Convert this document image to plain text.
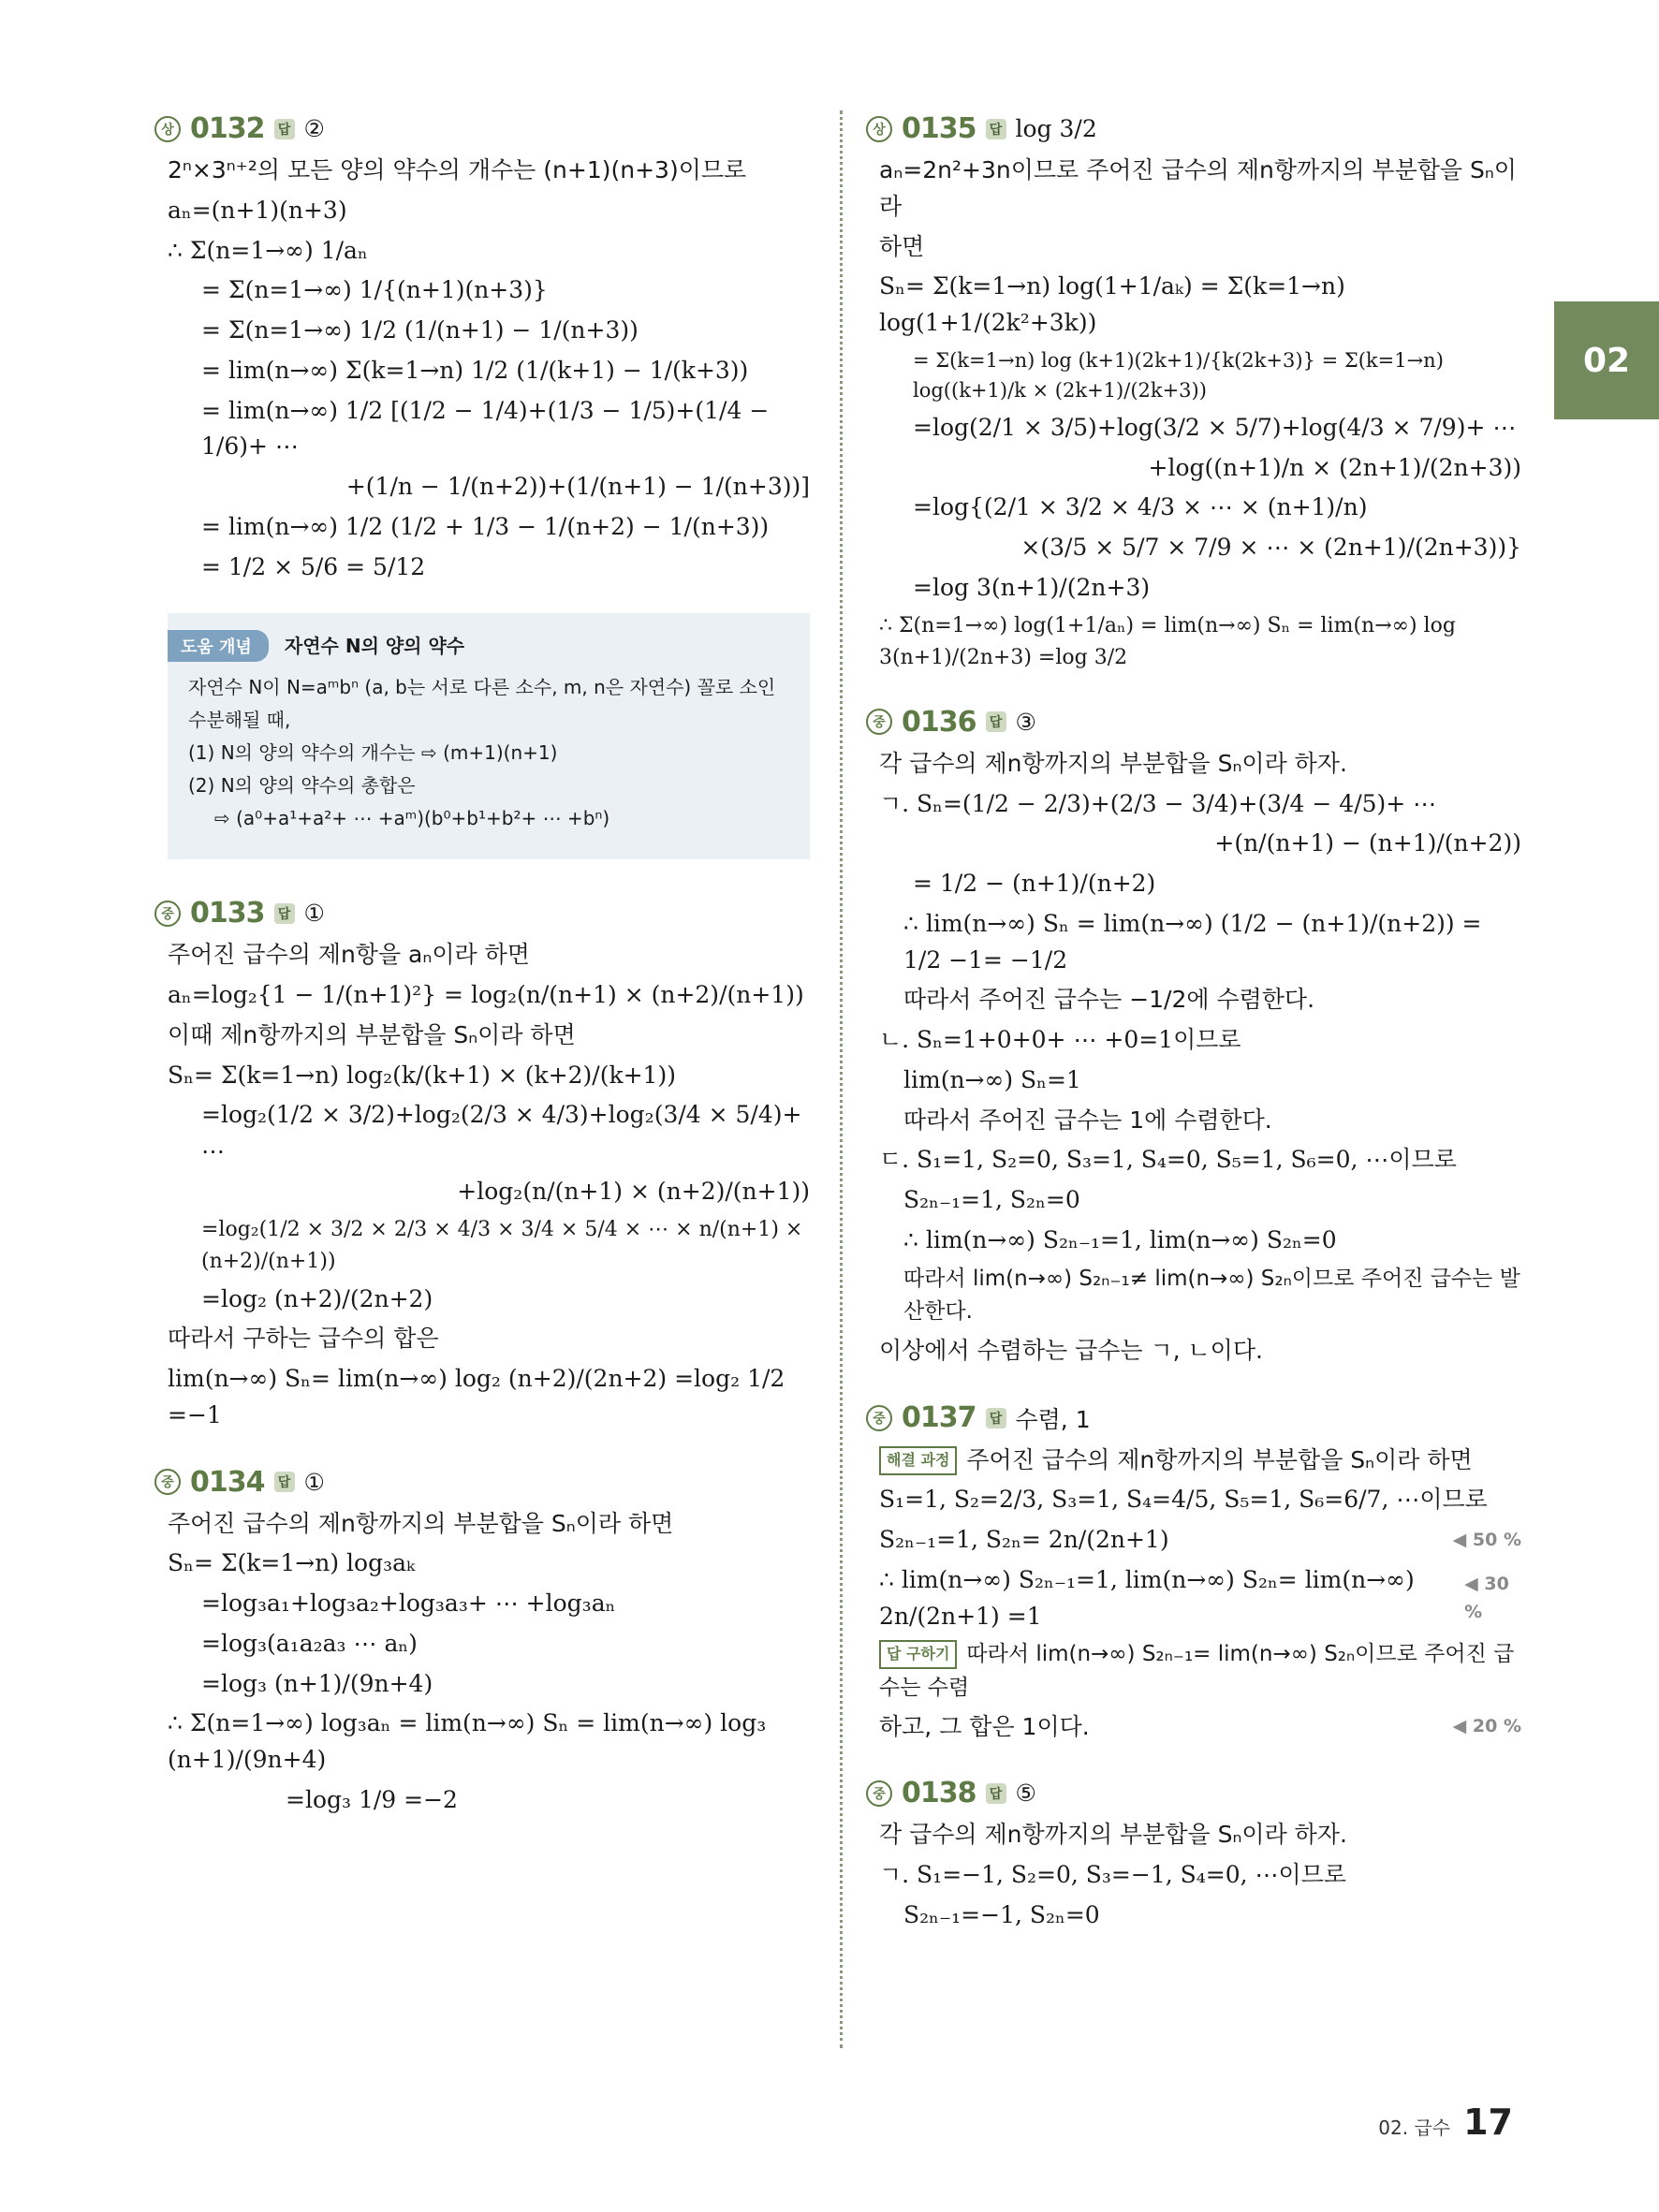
02
상 0132	답 ②
2ⁿ×3ⁿ⁺²의 모든 양의 약수의 개수는 (n+1)(n+3)이므로
aₙ=(n+1)(n+3)
∴ Σ(n=1→∞) 1/aₙ
= Σ(n=1→∞) 1/{(n+1)(n+3)}
= Σ(n=1→∞) 1/2 (1/(n+1) − 1/(n+3))
= lim(n→∞) Σ(k=1→n) 1/2 (1/(k+1) − 1/(k+3))
= lim(n→∞) 1/2 [(1/2 − 1/4)+(1/3 − 1/5)+(1/4 − 1/6)+ ⋯
+(1/n − 1/(n+2))+(1/(n+1) − 1/(n+3))]
= lim(n→∞) 1/2 (1/2 + 1/3 − 1/(n+2) − 1/(n+3))
= 1/2 × 5/6 = 5/12
도움 개념 자연수 N의 양의 약수
자연수 N이 N=aᵐbⁿ (a, b는 서로 다른 소수, m, n은 자연수) 꼴로 소인
수분해될 때,
(1) N의 양의 약수의 개수는 ⇨ (m+1)(n+1)
(2) N의 양의 약수의 총합은
⇨ (a⁰+a¹+a²+ ⋯ +aᵐ)(b⁰+b¹+b²+ ⋯ +bⁿ)
중 0133	답 ①
주어진 급수의 제n항을 aₙ이라 하면
aₙ=log₂{1 − 1/(n+1)²} = log₂(n/(n+1) × (n+2)/(n+1))
이때 제n항까지의 부분합을 Sₙ이라 하면
Sₙ= Σ(k=1→n) log₂(k/(k+1) × (k+2)/(k+1))
=log₂(1/2 × 3/2)+log₂(2/3 × 4/3)+log₂(3/4 × 5/4)+ ⋯
+log₂(n/(n+1) × (n+2)/(n+1))
=log₂(1/2 × 3/2 × 2/3 × 4/3 × 3/4 × 5/4 × ⋯ × n/(n+1) × (n+2)/(n+1))
=log₂ (n+2)/(2n+2)
따라서 구하는 급수의 합은
lim(n→∞) Sₙ= lim(n→∞) log₂ (n+2)/(2n+2) =log₂ 1/2 =−1
중 0134	답 ①
주어진 급수의 제n항까지의 부분합을 Sₙ이라 하면
Sₙ= Σ(k=1→n) log₃aₖ
=log₃a₁+log₃a₂+log₃a₃+ ⋯ +log₃aₙ
=log₃(a₁a₂a₃ ⋯ aₙ)
=log₃ (n+1)/(9n+4)
∴ Σ(n=1→∞) log₃aₙ = lim(n→∞) Sₙ = lim(n→∞) log₃ (n+1)/(9n+4)
=log₃ 1/9 =−2
상 0135	답 log 3/2
aₙ=2n²+3n이므로 주어진 급수의 제n항까지의 부분합을 Sₙ이라
하면
Sₙ= Σ(k=1→n) log(1+1/aₖ) = Σ(k=1→n) log(1+1/(2k²+3k))
= Σ(k=1→n) log (k+1)(2k+1)/{k(2k+3)} = Σ(k=1→n) log((k+1)/k × (2k+1)/(2k+3))
=log(2/1 × 3/5)+log(3/2 × 5/7)+log(4/3 × 7/9)+ ⋯
+log((n+1)/n × (2n+1)/(2n+3))
=log{(2/1 × 3/2 × 4/3 × ⋯ × (n+1)/n)
×(3/5 × 5/7 × 7/9 × ⋯ × (2n+1)/(2n+3))}
=log 3(n+1)/(2n+3)
∴ Σ(n=1→∞) log(1+1/aₙ) = lim(n→∞) Sₙ = lim(n→∞) log 3(n+1)/(2n+3) =log 3/2
중 0136	답 ③
각 급수의 제n항까지의 부분합을 Sₙ이라 하자.
ㄱ. Sₙ=(1/2 − 2/3)+(2/3 − 3/4)+(3/4 − 4/5)+ ⋯
+(n/(n+1) − (n+1)/(n+2))
= 1/2 − (n+1)/(n+2)
∴ lim(n→∞) Sₙ = lim(n→∞) (1/2 − (n+1)/(n+2)) = 1/2 −1= −1/2
따라서 주어진 급수는 −1/2에 수렴한다.
ㄴ. Sₙ=1+0+0+ ⋯ +0=1이므로
lim(n→∞) Sₙ=1
따라서 주어진 급수는 1에 수렴한다.
ㄷ. S₁=1, S₂=0, S₃=1, S₄=0, S₅=1, S₆=0, ⋯이므로
S₂ₙ₋₁=1, S₂ₙ=0
∴ lim(n→∞) S₂ₙ₋₁=1, lim(n→∞) S₂ₙ=0
따라서 lim(n→∞) S₂ₙ₋₁≠ lim(n→∞) S₂ₙ이므로 주어진 급수는 발산한다.
이상에서 수렴하는 급수는 ㄱ, ㄴ이다.
중 0137	답 수렴, 1
해결 과정 주어진 급수의 제n항까지의 부분합을 Sₙ이라 하면
S₁=1, S₂=2/3, S₃=1, S₄=4/5, S₅=1, S₆=6/7, ⋯이므로
S₂ₙ₋₁=1, S₂ₙ= 2n/(2n+1)	◀ 50 %
∴ lim(n→∞) S₂ₙ₋₁=1, lim(n→∞) S₂ₙ= lim(n→∞) 2n/(2n+1) =1
◀ 30 %
답 구하기 따라서 lim(n→∞) S₂ₙ₋₁= lim(n→∞) S₂ₙ이므로 주어진 급수는 수렴
하고, 그 합은 1이다.	◀ 20 %
중 0138	답 ⑤
각 급수의 제n항까지의 부분합을 Sₙ이라 하자.
ㄱ. S₁=−1, S₂=0, S₃=−1, S₄=0, ⋯이므로
S₂ₙ₋₁=−1, S₂ₙ=0
02. 급수 17
